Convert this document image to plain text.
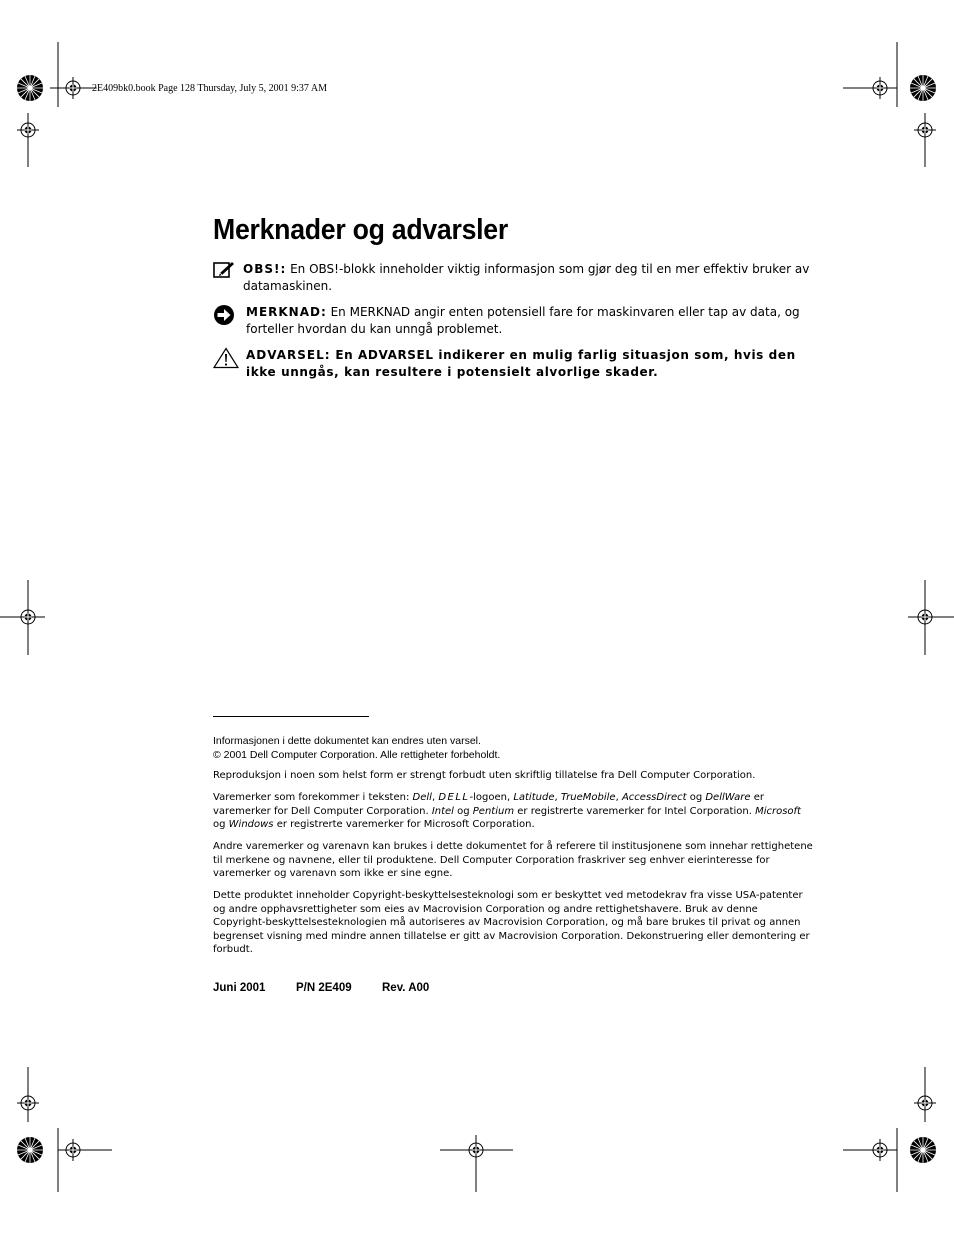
2E409bk0.book Page 128 Thursday, July 5, 2001 9:37 AM
Merknader og advarsler
OBS!: En OBS!-blokk inneholder viktig informasjon som gjør deg til en mer effektiv bruker av datamaskinen.
MERKNAD: En MERKNAD angir enten potensiell fare for maskinvaren eller tap av data, og forteller hvordan du kan unngå problemet.
ADVARSEL: En ADVARSEL indikerer en mulig farlig situasjon som, hvis den ikke unngås, kan resultere i potensielt alvorlige skader.

Informasjonen i dette dokumentet kan endres uten varsel.

© 2001 Dell Computer Corporation. Alle rettigheter forbeholdt.

Reproduksjon i noen som helst form er strengt forbudt uten skriftlig tillatelse fra Dell Computer Corporation.

Varemerker som forekommer i teksten: Dell, DELL-logoen, Latitude, TrueMobile, AccessDirect og DellWare er varemerker for Dell Computer Corporation. Intel og Pentium er registrerte varemerker for Intel Corporation. Microsoft og Windows er registrerte varemerker for Microsoft Corporation.

Andre varemerker og varenavn kan brukes i dette dokumentet for å referere til institusjonene som innehar rettighetene til merkene og navnene, eller til produktene. Dell Computer Corporation fraskriver seg enhver eierinteresse for varemerker og varenavn som ikke er sine egne.

Dette produktet inneholder Copyright-beskyttelsesteknologi som er beskyttet ved metodekrav fra visse USA-patenter og andre opphavsrettigheter som eies av Macrovision Corporation og andre rettighetshavere. Bruk av denne Copyright-beskyttelsesteknologien må autoriseres av Macrovision Corporation, og må bare brukes til privat og annen begrenset visning med mindre annen tillatelse er gitt av Macrovision Corporation. Dekonstruering eller demontering er forbudt.

Juni 2001	P/N 2E409	Rev. A00
